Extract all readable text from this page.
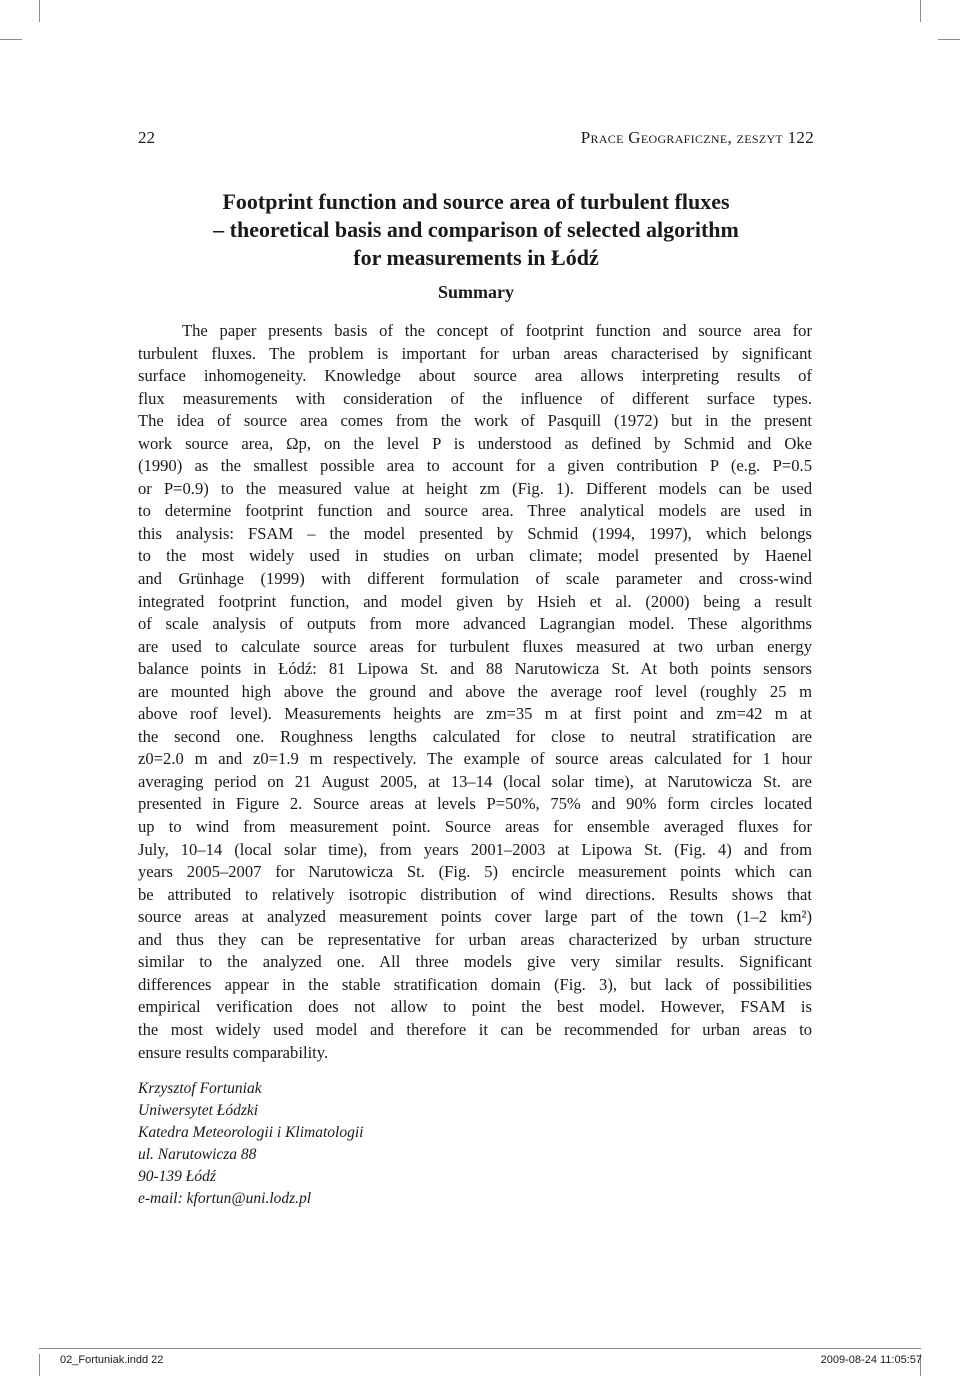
22	Prace Geograficzne, zeszyt 122
Footprint function and source area of turbulent fluxes
– theoretical basis and comparison of selected algorithm
for measurements in Łódź
Summary
The paper presents basis of the concept of footprint function and source area for
turbulent fluxes. The problem is important for urban areas characterised by significant
surface inhomogeneity. Knowledge about source area allows interpreting results of
flux measurements with consideration of the influence of different surface types.
The idea of source area comes from the work of Pasquill (1972) but in the present
work source area, Ωp, on the level P is understood as defined by Schmid and Oke
(1990) as the smallest possible area to account for a given contribution P (e.g. P=0.5
or P=0.9) to the measured value at height zm (Fig. 1). Different models can be used
to determine footprint function and source area. Three analytical models are used in
this analysis: FSAM – the model presented by Schmid (1994, 1997), which belongs
to the most widely used in studies on urban climate; model presented by Haenel
and Grünhage (1999) with different formulation of scale parameter and cross-wind
integrated footprint function, and model given by Hsieh et al. (2000) being a result
of scale analysis of outputs from more advanced Lagrangian model. These algorithms
are used to calculate source areas for turbulent fluxes measured at two urban energy
balance points in Łódź: 81 Lipowa St. and 88 Narutowicza St. At both points sensors
are mounted high above the ground and above the average roof level (roughly 25 m
above roof level). Measurements heights are zm=35 m at first point and zm=42 m at
the second one. Roughness lengths calculated for close to neutral stratification are
z0=2.0 m and z0=1.9 m respectively. The example of source areas calculated for 1 hour
averaging period on 21 August 2005, at 13–14 (local solar time), at Narutowicza St. are
presented in Figure 2. Source areas at levels P=50%, 75% and 90% form circles located
up to wind from measurement point. Source areas for ensemble averaged fluxes for
July, 10–14 (local solar time), from years 2001–2003 at Lipowa St. (Fig. 4) and from
years 2005–2007 for Narutowicza St. (Fig. 5) encircle measurement points which can
be attributed to relatively isotropic distribution of wind directions. Results shows that
source areas at analyzed measurement points cover large part of the town (1–2 km²)
and thus they can be representative for urban areas characterized by urban structure
similar to the analyzed one. All three models give very similar results. Significant
differences appear in the stable stratification domain (Fig. 3), but lack of possibilities
empirical verification does not allow to point the best model. However, FSAM is
the most widely used model and therefore it can be recommended for urban areas to
ensure results comparability.
Krzysztof Fortuniak
Uniwersytet Łódzki
Katedra Meteorologii i Klimatologii
ul. Narutowicza 88
90-139 Łódź
e-mail: kfortun@uni.lodz.pl
02_Fortuniak.indd 22	2009-08-24 11:05:57
